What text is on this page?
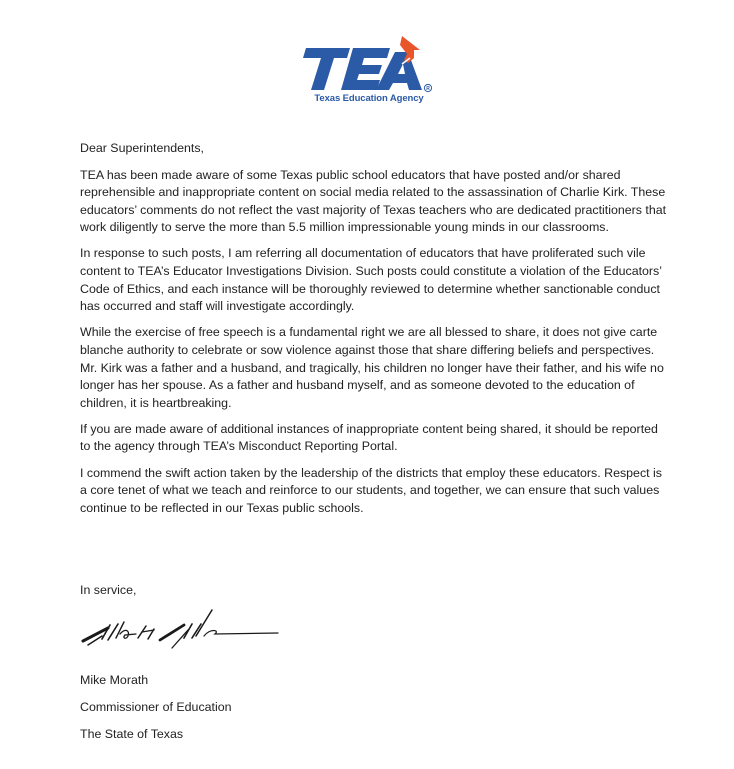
R
Texas Education Agency

Dear Superintendents,

TEA has been made aware of some Texas public school educators that have posted and/or shared reprehensible and inappropriate content on social media related to the assassination of Charlie Kirk. These educators’ comments do not reflect the vast majority of Texas teachers who are dedicated practitioners that work diligently to serve the more than 5.5 million impressionable young minds in our classrooms.

In response to such posts, I am referring all documentation of educators that have proliferated such vile content to TEA’s Educator Investigations Division. Such posts could constitute a violation of the Educators’ Code of Ethics, and each instance will be thoroughly reviewed to determine whether sanctionable conduct has occurred and staff will investigate accordingly.

While the exercise of free speech is a fundamental right we are all blessed to share, it does not give carte blanche authority to celebrate or sow violence against those that share differing beliefs and perspectives. Mr. Kirk was a father and a husband, and tragically, his children no longer have their father, and his wife no longer has her spouse. As a father and husband myself, and as someone devoted to the education of children, it is heartbreaking.

If you are made aware of additional instances of inappropriate content being shared, it should be reported to the agency through TEA’s Misconduct Reporting Portal.

I commend the swift action taken by the leadership of the districts that employ these educators. Respect is a core tenet of what we teach and reinforce to our students, and together, we can ensure that such values continue to be reflected in our Texas public schools.

In service,
Mike Morath
Commissioner of Education
The State of Texas
